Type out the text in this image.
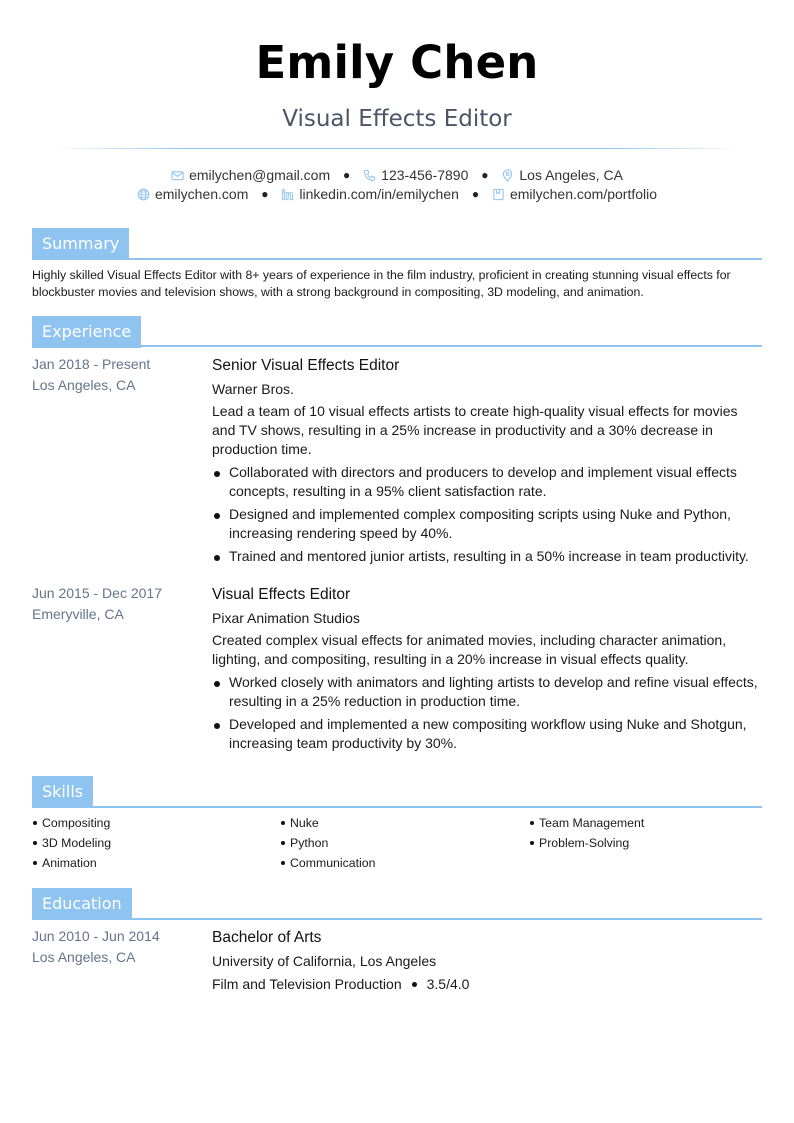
Emily Chen
Visual Effects Editor
emilychen@gmail.com ● 123-456-7890 ● Los Angeles, CA
emilychen.com ● linkedin.com/in/emilychen ● emilychen.com/portfolio
Summary
Highly skilled Visual Effects Editor with 8+ years of experience in the film industry, proficient in creating stunning visual effects for blockbuster movies and television shows, with a strong background in compositing, 3D modeling, and animation.
Experience
Jan 2018 - Present
Los Angeles, CA
Senior Visual Effects Editor
Warner Bros.
Lead a team of 10 visual effects artists to create high-quality visual effects for movies and TV shows, resulting in a 25% increase in productivity and a 30% decrease in production time.
Collaborated with directors and producers to develop and implement visual effects concepts, resulting in a 95% client satisfaction rate.
Designed and implemented complex compositing scripts using Nuke and Python, increasing rendering speed by 40%.
Trained and mentored junior artists, resulting in a 50% increase in team productivity.
Jun 2015 - Dec 2017
Emeryville, CA
Visual Effects Editor
Pixar Animation Studios
Created complex visual effects for animated movies, including character animation, lighting, and compositing, resulting in a 20% increase in visual effects quality.
Worked closely with animators and lighting artists to develop and refine visual effects, resulting in a 25% reduction in production time.
Developed and implemented a new compositing workflow using Nuke and Shotgun, increasing team productivity by 30%.
Skills
Compositing	Nuke	Team Management
3D Modeling	Python	Problem-Solving
Animation	Communication
Education
Jun 2010 - Jun 2014
Los Angeles, CA
Bachelor of Arts
University of California, Los Angeles
Film and Television Production 3.5/4.0
